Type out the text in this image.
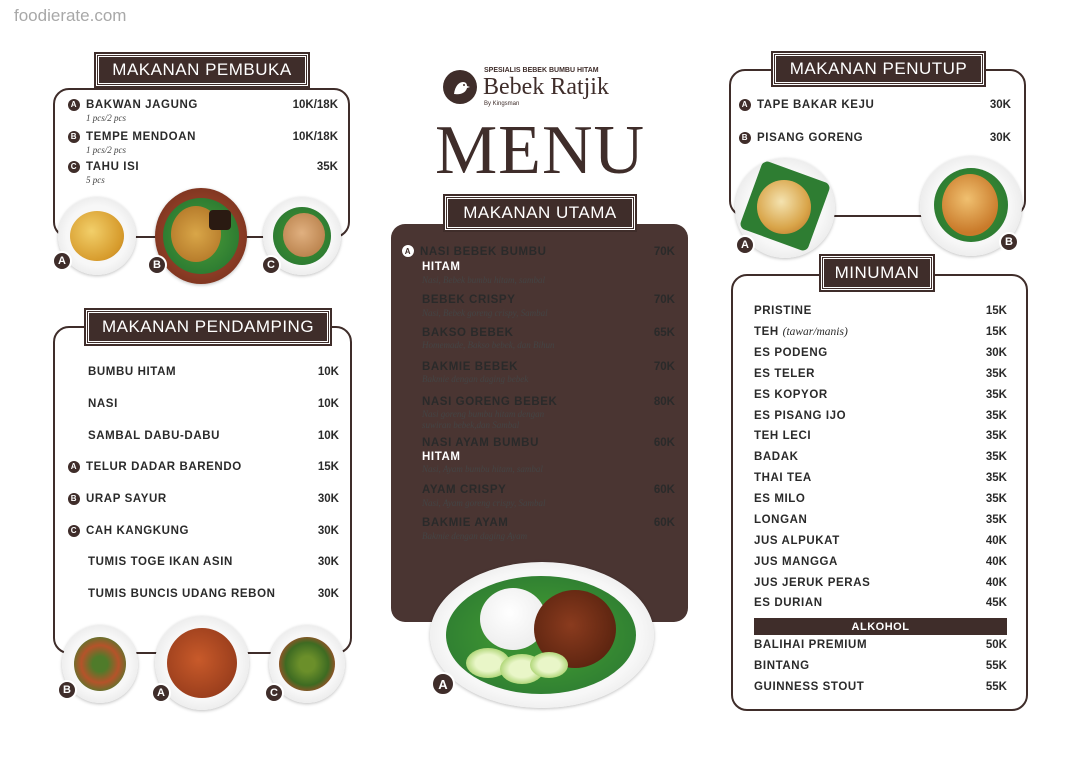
foodierate.com
MAKANAN PEMBUKA
A BAKWAN JAGUNG	10K/18K
1 pcs/2 pcs
B TEMPE MENDOAN	10K/18K
1 pcs/2 pcs
C TAHU ISI	35K
5 pcs
A	B	C
MAKANAN PENDAMPING
BUMBU HITAM	10K
NASI	10K
SAMBAL DABU-DABU	10K
A TELUR DADAR BARENDO	15K
B URAP SAYUR	30K
C CAH KANGKUNG	30K
TUMIS TOGE IKAN ASIN	30K
TUMIS BUNCIS UDANG REBON	30K
B	A	C
SPESIALIS BEBEK BUMBU HITAM
Bebek Ratjik
By Kingsman
MENU
MAKANAN UTAMA
A NASI BEBEK BUMBU	70K
HITAM
Nasi, Bebek bumbu hitam, sambal
BEBEK CRISPY	70K
Nasi, Bebek goreng crispy, Sambal
BAKSO BEBEK	65K
Homemade, Bakso bebek, dan Bihun
BAKMIE BEBEK	70K
Bakmie dengan daging bebek
NASI GORENG BEBEK	80K
Nasi goreng bumbu hitam dengan
suwiran bebek,dan Sambal
NASI AYAM BUMBU	60K
HITAM
Nasi, Ayam bumbu hitam, sambal
AYAM CRISPY	60K
Nasi, Ayam goreng crispy, Sambal
BAKMIE AYAM	60K
Bakmie dengan daging Ayam
A
MAKANAN PENUTUP
A TAPE BAKAR KEJU	30K
B PISANG GORENG	30K
A	B
MINUMAN
PRISTINE	15K
TEH (tawar/manis)	15K
ES PODENG	30K
ES TELER	35K
ES KOPYOR	35K
ES PISANG IJO	35K
TEH LECI	35K
BADAK	35K
THAI TEA	35K
ES MILO	35K
LONGAN	35K
JUS ALPUKAT	40K
JUS MANGGA	40K
JUS JERUK PERAS	40K
ES DURIAN	45K
ALKOHOL
BALIHAI PREMIUM	50K
BINTANG	55K
GUINNESS STOUT	55K
